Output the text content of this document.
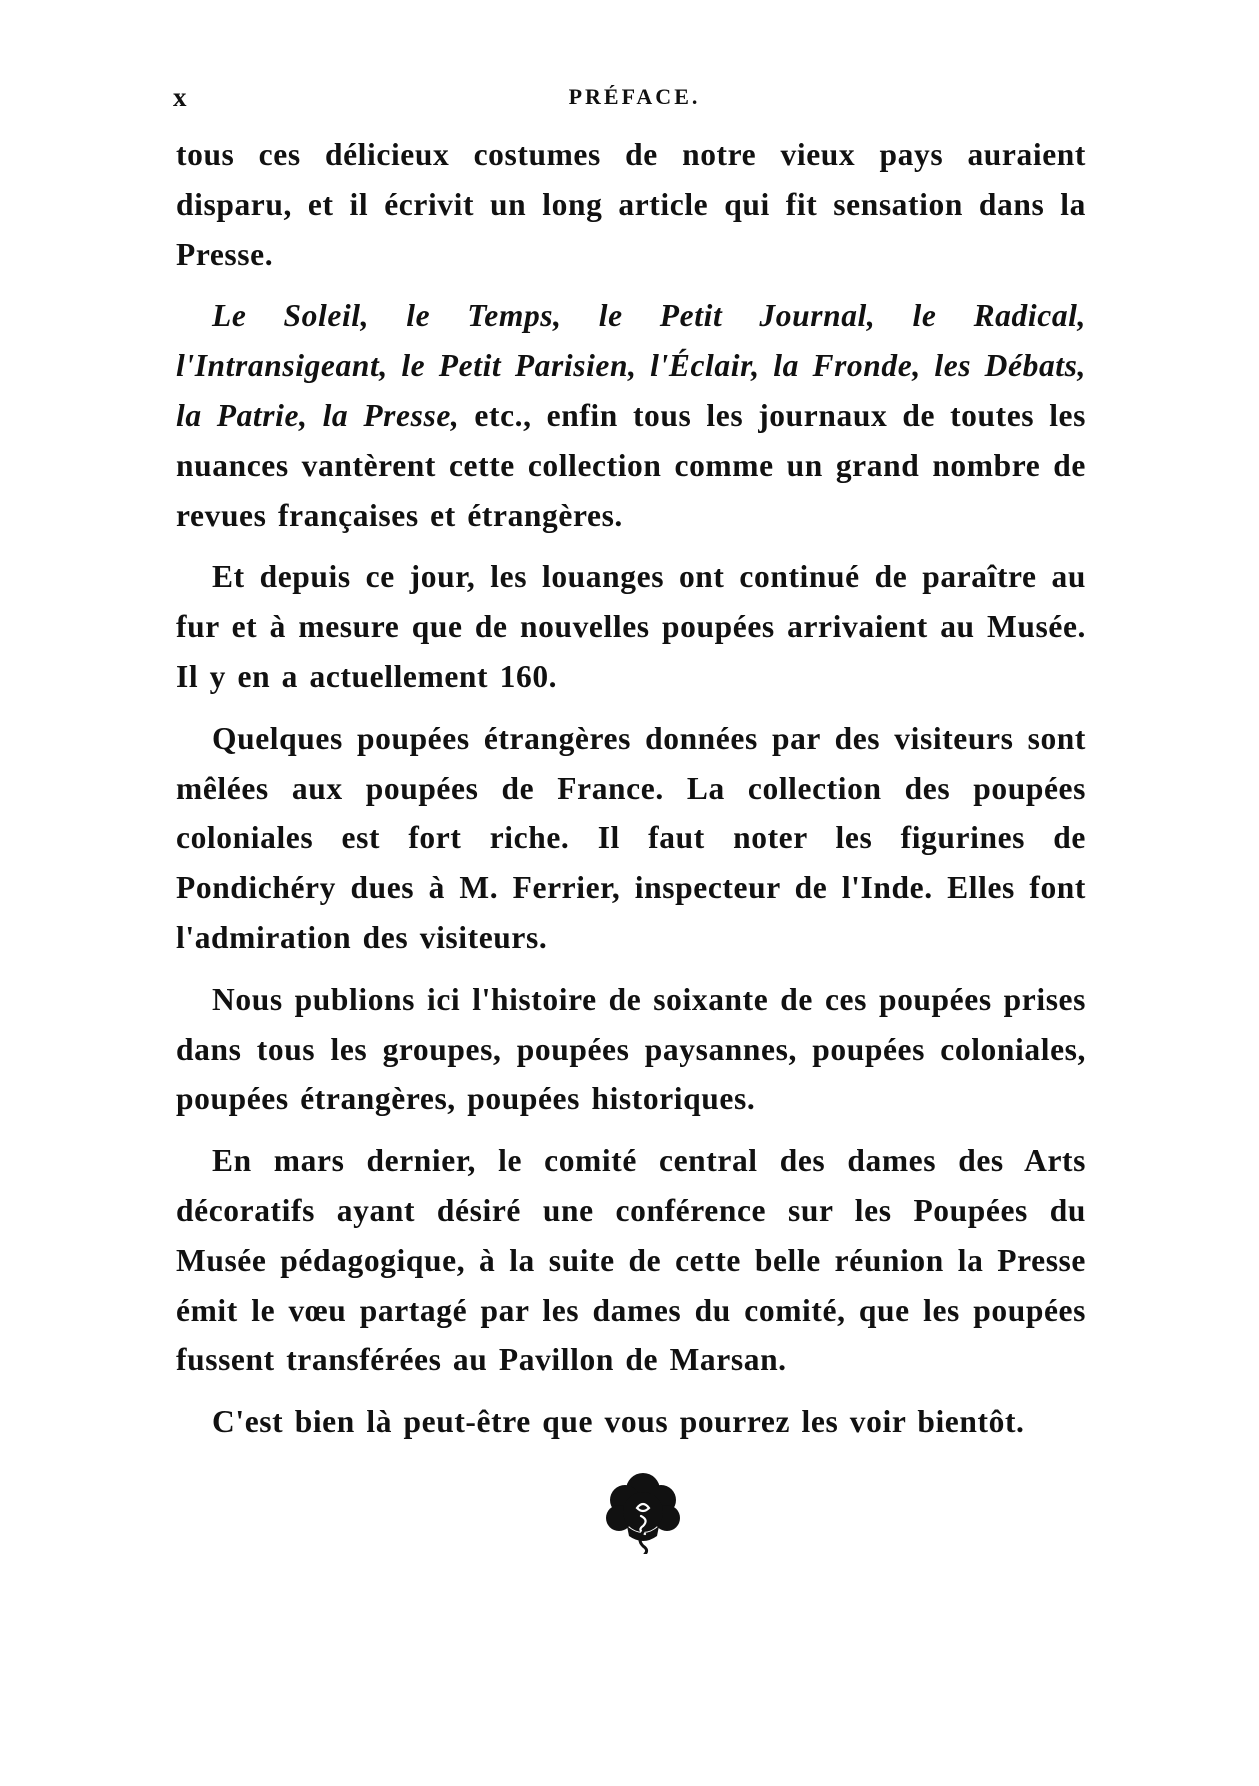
x	PRÉFACE.

tous ces délicieux costumes de notre vieux pays auraient disparu, et il écrivit un long article qui fit sensation dans la Presse.

Le Soleil, le Temps, le Petit Journal, le Radical, l'Intransigeant, le Petit Parisien, l'Éclair, la Fronde, les Débats, la Patrie, la Presse, etc., enfin tous les journaux de toutes les nuances vantèrent cette collection comme un grand nombre de revues françaises et étrangères.

Et depuis ce jour, les louanges ont continué de paraître au fur et à mesure que de nouvelles poupées arrivaient au Musée. Il y en a actuellement 160.

Quelques poupées étrangères données par des visiteurs sont mêlées aux poupées de France. La collection des poupées coloniales est fort riche. Il faut noter les figurines de Pondichéry dues à M. Ferrier, inspecteur de l'Inde. Elles font l'admiration des visiteurs.

Nous publions ici l'histoire de soixante de ces poupées prises dans tous les groupes, poupées paysannes, poupées coloniales, poupées étrangères, poupées historiques.

En mars dernier, le comité central des dames des Arts décoratifs ayant désiré une conférence sur les Poupées du Musée pédagogique, à la suite de cette belle réunion la Presse émit le vœu partagé par les dames du comité, que les poupées fussent transférées au Pavillon de Marsan.

C'est bien là peut-être que vous pourrez les voir bientôt.
